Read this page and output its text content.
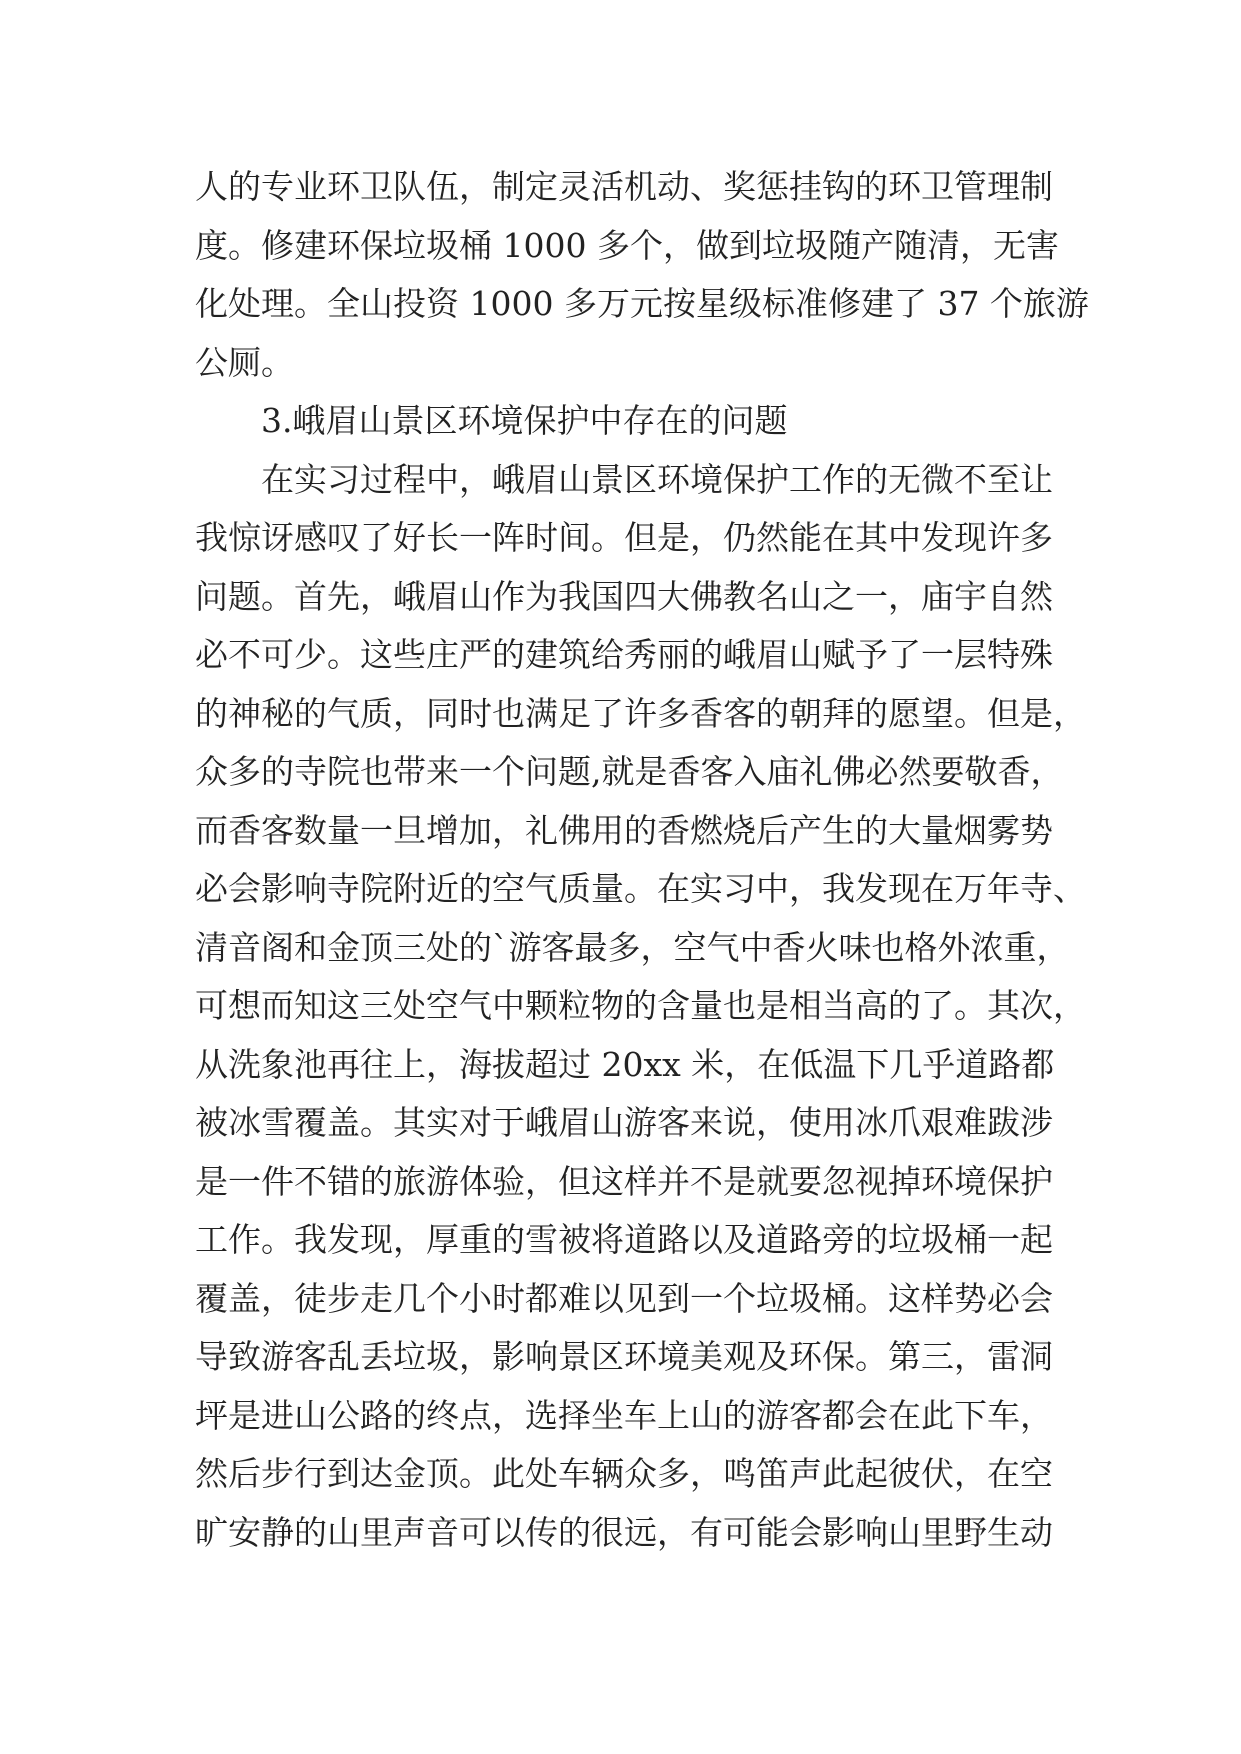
人的专业环卫队伍，制定灵活机动、奖惩挂钩的环卫管理制
度。修建环保垃圾桶 1000 多个，做到垃圾随产随清，无害
化处理。全山投资 1000 多万元按星级标准修建了 37 个旅游
公厕。
3.峨眉山景区环境保护中存在的问题
在实习过程中，峨眉山景区环境保护工作的无微不至让
我惊讶感叹了好长一阵时间。但是，仍然能在其中发现许多
问题。首先，峨眉山作为我国四大佛教名山之一，庙宇自然
必不可少。这些庄严的建筑给秀丽的峨眉山赋予了一层特殊
的神秘的气质，同时也满足了许多香客的朝拜的愿望。但是，
众多的寺院也带来一个问题,就是香客入庙礼佛必然要敬香，
而香客数量一旦增加，礼佛用的香燃烧后产生的大量烟雾势
必会影响寺院附近的空气质量。在实习中，我发现在万年寺、
清音阁和金顶三处的`游客最多，空气中香火味也格外浓重，
可想而知这三处空气中颗粒物的含量也是相当高的了。其次，
从洗象池再往上，海拔超过 20xx 米，在低温下几乎道路都
被冰雪覆盖。其实对于峨眉山游客来说，使用冰爪艰难跋涉
是一件不错的旅游体验，但这样并不是就要忽视掉环境保护
工作。我发现，厚重的雪被将道路以及道路旁的垃圾桶一起
覆盖，徒步走几个小时都难以见到一个垃圾桶。这样势必会
导致游客乱丢垃圾，影响景区环境美观及环保。第三，雷洞
坪是进山公路的终点，选择坐车上山的游客都会在此下车，
然后步行到达金顶。此处车辆众多，鸣笛声此起彼伏，在空
旷安静的山里声音可以传的很远，有可能会影响山里野生动
